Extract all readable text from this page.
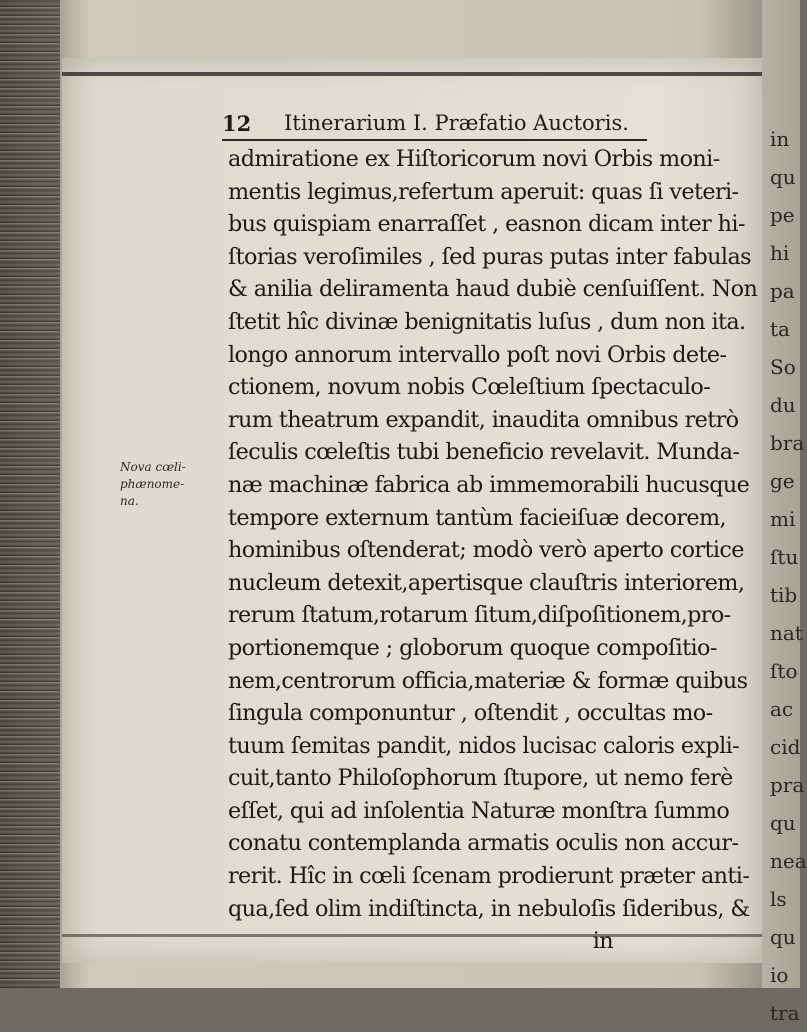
in
qu
pe
hi
pa
ta
So
du
bra
ge
mi
ſtu
tib
nat
ſto
ac
cid
pra
qu
nea
ls
qu
io
tra
12 Itinerarium I. Præfatio Auctoris.
Nova cœli-
phænome-
na.
admiratione ex Hiſtoricorum novi Orbis moni-
mentis legimus,refertum aperuit: quas ſi veteri-
bus quispiam enarraſſet , easnon dicam inter hi-
ſtorias veroſimiles , ſed puras putas inter fabulas
& anilia deliramenta haud dubiè cenſuiſſent. Non
ſtetit hîc divinæ benignitatis luſus , dum non ita.
longo annorum intervallo poſt novi Orbis dete-
ctionem, novum nobis Cœleſtium ſpectaculo-
rum theatrum expandit, inaudita omnibus retrò
ſeculis cœleſtis tubi beneficio revelavit. Munda-
næ machinæ fabrica ab immemorabili hucusque
tempore externum tantùm facieiſuæ decorem,
hominibus oſtenderat; modò verò aperto cortice
nucleum detexit,apertisque clauſtris interiorem,
rerum ſtatum,rotarum ſitum,diſpoſitionem,pro-
portionemque ; globorum quoque compoſitio-
nem,centrorum officia,materiæ & formæ quibus
ſingula componuntur , oſtendit , occultas mo-
tuum ſemitas pandit, nidos lucisac caloris expli-
cuit,tanto Philoſophorum ſtupore, ut nemo ferè
eſſet, qui ad inſolentia Naturæ monſtra ſummo
conatu contemplanda armatis oculis non accur-
rerit. Hîc in cœli ſcenam prodierunt præter anti-
qua,ſed olim indiſtincta, in nebuloſis ſideribus, &
in
